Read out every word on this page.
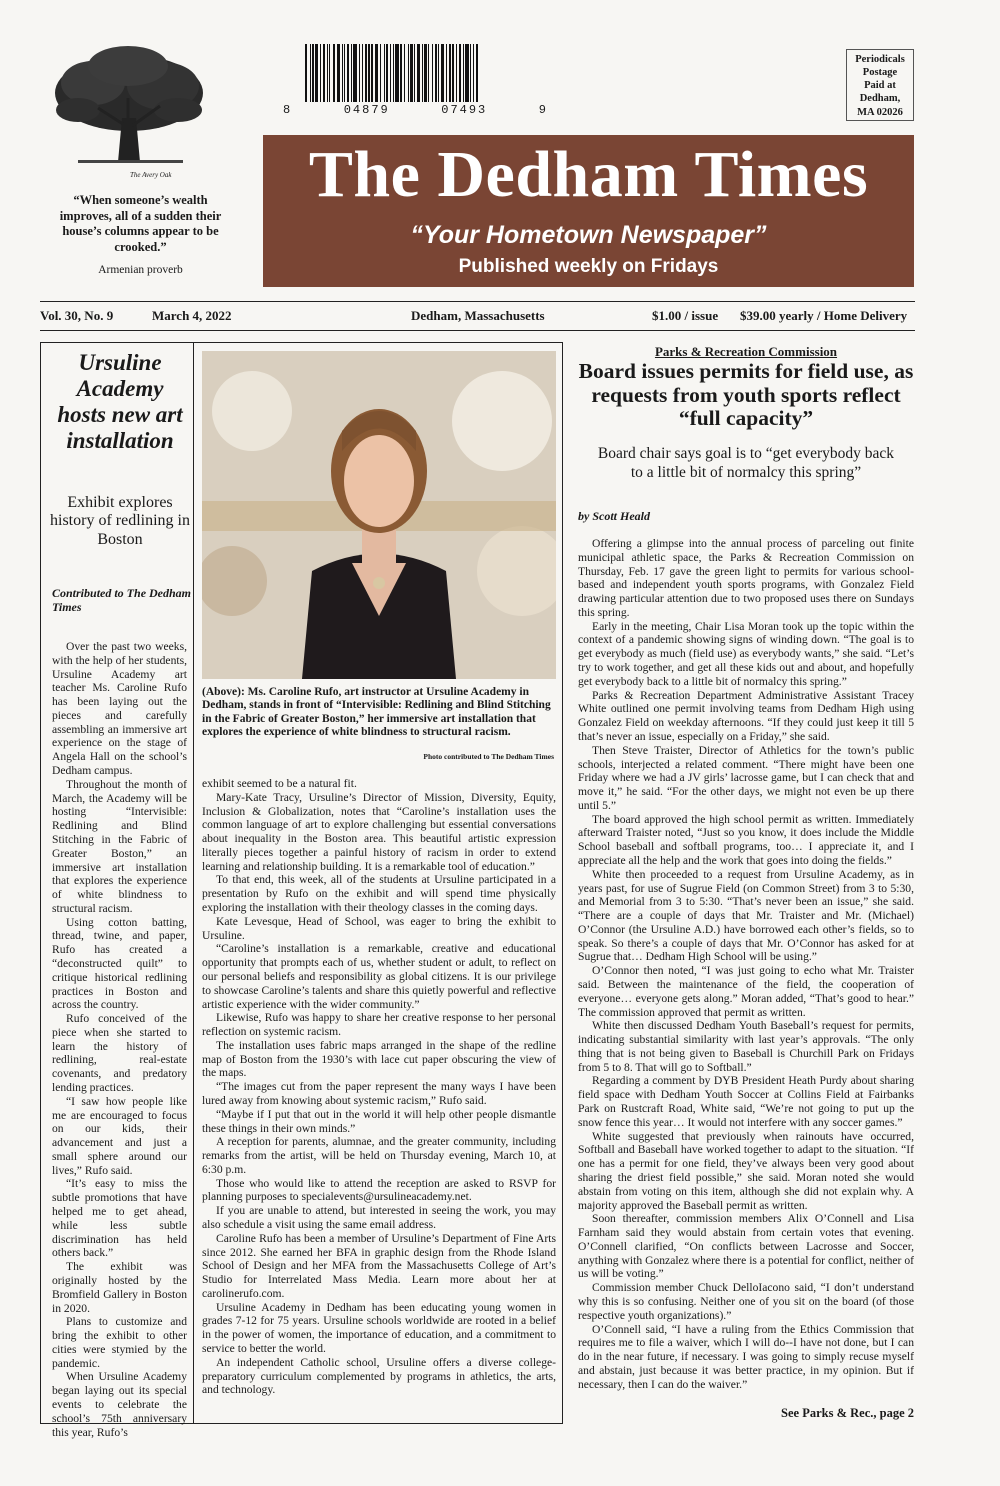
The Avery Oak
“When someone’s wealth improves, all of a sudden their house’s columns appear to be crooked.”
Armenian proverb
8	04879	07493	9
Periodicals
Postage
Paid at
Dedham,
MA 02026
The Dedham Times
“Your Hometown Newspaper”
Published weekly on Fridays
Vol. 30, No. 9	March 4, 2022	Dedham, Massachusetts	$1.00 / issue $39.00 yearly / Home Delivery
Ursuline Academy hosts new art installation
Exhibit explores history of redlining in Boston
Contributed to The Dedham Times

Over the past two weeks, with the help of her students, Ursuline Academy art teacher Ms. Caroline Rufo has been laying out the pieces and carefully assembling an immersive art experience on the stage of Angela Hall on the school’s Dedham campus.

Throughout the month of March, the Academy will be hosting “Intervisible: Redlining and Blind Stitching in the Fabric of Greater Boston,” an immersive art installation that explores the experience of white blindness to structural racism.

Using cotton batting, thread, twine, and paper, Rufo has created a “deconstructed quilt” to critique historical redlining practices in Boston and across the country.

Rufo conceived of the piece when she started to learn the history of redlining, real-estate covenants, and predatory lending practices.

“I saw how people like me are encouraged to focus on our kids, their advancement and just a small sphere around our lives,” Rufo said.

“It’s easy to miss the subtle promotions that have helped me to get ahead, while less subtle discrimination has held others back.”

The exhibit was originally hosted by the Bromfield Gallery in Boston in 2020.

Plans to customize and bring the exhibit to other cities were stymied by the pandemic.

When Ursuline Academy began laying out its special events to celebrate the school’s 75th anniversary this year, Rufo’s

(Above): Ms. Caroline Rufo, art instructor at Ursuline Academy in Dedham, stands in front of “Intervisible: Redlining and Blind Stitching in the Fabric of Greater Boston,” her immersive art installation that explores the experience of white blindness to structural racism.
Photo contributed to The Dedham Times

exhibit seemed to be a natural fit.

Mary-Kate Tracy, Ursuline’s Director of Mission, Diversity, Equity, Inclusion & Globalization, notes that “Caroline’s installation uses the common language of art to explore challenging but essential conversations about inequality in the Boston area. This beautiful artistic expression literally pieces together a painful history of racism in order to extend learning and relationship building. It is a remarkable tool of education.”

To that end, this week, all of the students at Ursuline participated in a presentation by Rufo on the exhibit and will spend time physically exploring the installation with their theology classes in the coming days.

Kate Levesque, Head of School, was eager to bring the exhibit to Ursuline.

“Caroline’s installation is a remarkable, creative and educational opportunity that prompts each of us, whether student or adult, to reflect on our personal beliefs and responsibility as global citizens. It is our privilege to showcase Caroline’s talents and share this quietly powerful and reflective artistic experience with the wider community.”

Likewise, Rufo was happy to share her creative response to her personal reflection on systemic racism.

The installation uses fabric maps arranged in the shape of the redline map of Boston from the 1930’s with lace cut paper obscuring the view of the maps.

“The images cut from the paper represent the many ways I have been lured away from knowing about systemic racism,” Rufo said.

“Maybe if I put that out in the world it will help other people dismantle these things in their own minds.”

A reception for parents, alumnae, and the greater community, including remarks from the artist, will be held on Thursday evening, March 10, at 6:30 p.m.

Those who would like to attend the reception are asked to RSVP for planning purposes to specialevents@ursulineacademy.net.

If you are unable to attend, but interested in seeing the work, you may also schedule a visit using the same email address.

Caroline Rufo has been a member of Ursuline’s Department of Fine Arts since 2012. She earned her BFA in graphic design from the Rhode Island School of Design and her MFA from the Massachusetts College of Art’s Studio for Interrelated Mass Media. Learn more about her at carolinerufo.com.

Ursuline Academy in Dedham has been educating young women in grades 7-12 for 75 years. Ursuline schools worldwide are rooted in a belief in the power of women, the importance of education, and a commitment to service to better the world.

An independent Catholic school, Ursuline offers a diverse college-preparatory curriculum complemented by programs in athletics, the arts, and technology.

Parks & Recreation Commission
Board issues permits for field use, as requests from youth sports reflect “full capacity”
Board chair says goal is to “get everybody back to a little bit of normalcy this spring”
by Scott Heald

Offering a glimpse into the annual process of parceling out finite municipal athletic space, the Parks & Recreation Commission on Thursday, Feb. 17 gave the green light to permits for various school-based and independent youth sports programs, with Gonzalez Field drawing particular attention due to two proposed uses there on Sundays this spring.

Early in the meeting, Chair Lisa Moran took up the topic within the context of a pandemic showing signs of winding down. “The goal is to get everybody as much (field use) as everybody wants,” she said. “Let’s try to work together, and get all these kids out and about, and hopefully get everybody back to a little bit of normalcy this spring.”

Parks & Recreation Department Administrative Assistant Tracey White outlined one permit involving teams from Dedham High using Gonzalez Field on weekday afternoons. “If they could just keep it till 5 that’s never an issue, especially on a Friday,” she said.

Then Steve Traister, Director of Athletics for the town’s public schools, interjected a related comment. “There might have been one Friday where we had a JV girls’ lacrosse game, but I can check that and move it,” he said. “For the other days, we might not even be up there until 5.”

The board approved the high school permit as written. Immediately afterward Traister noted, “Just so you know, it does include the Middle School baseball and softball programs, too… I appreciate it, and I appreciate all the help and the work that goes into doing the fields.”

White then proceeded to a request from Ursuline Academy, as in years past, for use of Sugrue Field (on Common Street) from 3 to 5:30, and Memorial from 3 to 5:30. “That’s never been an issue,” she said. “There are a couple of days that Mr. Traister and Mr. (Michael) O’Connor (the Ursuline A.D.) have borrowed each other’s fields, so to speak. So there’s a couple of days that Mr. O’Connor has asked for at Sugrue that… Dedham High School will be using.”

O’Connor then noted, “I was just going to echo what Mr. Traister said. Between the maintenance of the field, the cooperation of everyone… everyone gets along.” Moran added, “That’s good to hear.” The commission approved that permit as written.

White then discussed Dedham Youth Baseball’s request for permits, indicating substantial similarity with last year’s approvals. “The only thing that is not being given to Baseball is Churchill Park on Fridays from 5 to 8. That will go to Softball.”

Regarding a comment by DYB President Heath Purdy about sharing field space with Dedham Youth Soccer at Collins Field at Fairbanks Park on Rustcraft Road, White said, “We’re not going to put up the snow fence this year… It would not interfere with any soccer games.”

White suggested that previously when rainouts have occurred, Softball and Baseball have worked together to adapt to the situation. “If one has a permit for one field, they’ve always been very good about sharing the driest field possible,” she said. Moran noted she would abstain from voting on this item, although she did not explain why. A majority approved the Baseball permit as written.

Soon thereafter, commission members Alix O’Connell and Lisa Farnham said they would abstain from certain votes that evening. O’Connell clarified, “On conflicts between Lacrosse and Soccer, anything with Gonzalez where there is a potential for conflict, neither of us will be voting.”

Commission member Chuck DelloIacono said, “I don’t understand why this is so confusing. Neither one of you sit on the board (of those respective youth organizations).”

O’Connell said, “I have a ruling from the Ethics Commission that requires me to file a waiver, which I will do--I have not done, but I can do in the near future, if necessary. I was going to simply recuse myself and abstain, just because it was better practice, in my opinion. But if necessary, then I can do the waiver.”

See Parks & Rec., page 2
